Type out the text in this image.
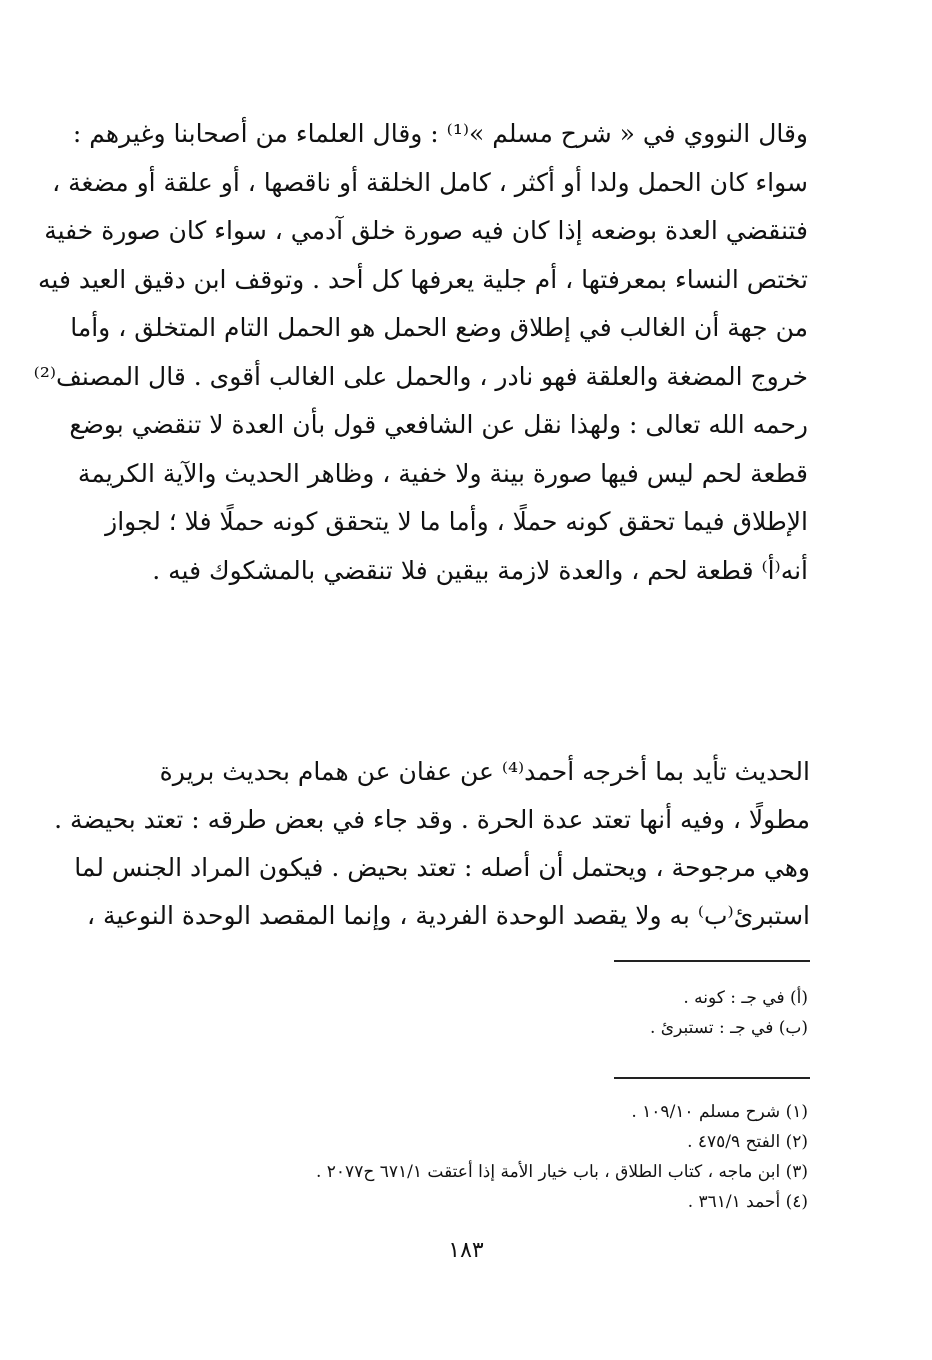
وقال النووي في « شرح مسلم »⁽¹⁾ : وقال العلماء من أصحابنا وغيرهم :
سواء كان الحمل ولدا أو أكثر ، كامل الخلقة أو ناقصها ، أو علقة أو مضغة ،
فتنقضي العدة بوضعه إذا كان فيه صورة خلق آدمي ، سواء كان صورة خفية
تختص النساء بمعرفتها ، أم جلية يعرفها كل أحد . وتوقف ابن دقيق العيد فيه
من جهة أن الغالب في إطلاق وضع الحمل هو الحمل التام المتخلق ، وأما
خروج المضغة والعلقة فهو نادر ، والحمل على الغالب أقوى . قال المصنف⁽²⁾
رحمه الله تعالى : ولهذا نقل عن الشافعي قول بأن العدة لا تنقضي بوضع
قطعة لحم ليس فيها صورة بينة ولا خفية ، وظاهر الحديث والآية الكريمة
الإطلاق فيما تحقق كونه حملًا ، وأما ما لا يتحقق كونه حملًا فلا ؛ لجواز
أنه⁽أ⁾ قطعة لحم ، والعدة لازمة بيقين فلا تنقضي بالمشكوك فيه .
الحديث تأيد بما أخرجه أحمد⁽⁴⁾ عن عفان عن همام بحديث بريرة
مطولًا ، وفيه أنها تعتد عدة الحرة . وقد جاء في بعض طرقه : تعتد بحيضة .
وهي مرجوحة ، ويحتمل أن أصله : تعتد بحيض . فيكون المراد الجنس لما
استبرئ⁽ب⁾ به ولا يقصد الوحدة الفردية ، وإنما المقصد الوحدة النوعية ،
(أ) في جـ : كونه .
(ب) في جـ : تستبرئ .
(١) شرح مسلم ١٠٩/١٠ .
(٢) الفتح ٤٧٥/٩ .
(٣) ابن ماجه ، كتاب الطلاق ، باب خيار الأمة إذا أعتقت ٦٧١/١ ح٢٠٧٧ .
(٤) أحمد ٣٦١/١ .
١٨٣
